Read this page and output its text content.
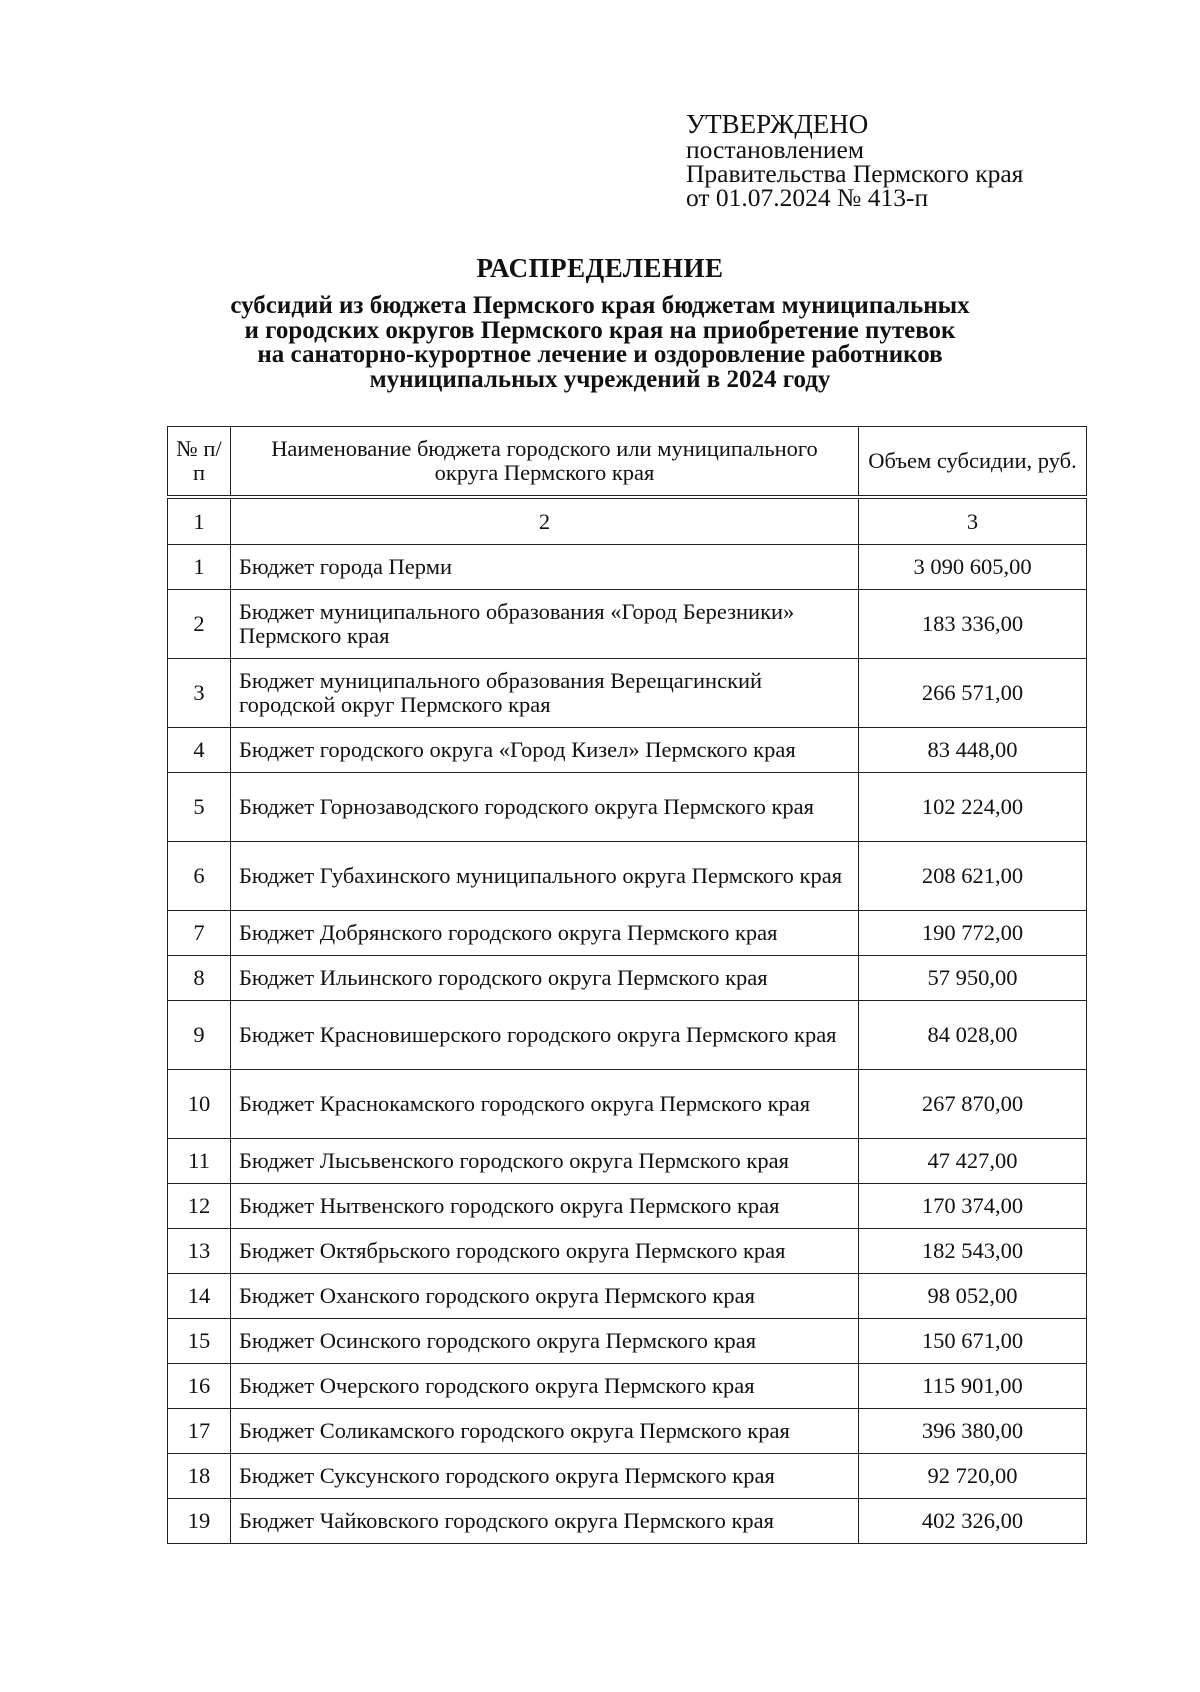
УТВЕРЖДЕНО
постановлением
Правительства Пермского края
от 01.07.2024 № 413-п
РАСПРЕДЕЛЕНИЕ
субсидий из бюджета Пермского края бюджетам муниципальных
и городских округов Пермского края на приобретение путевок
на санаторно-курортное лечение и оздоровление работников
муниципальных учреждений в 2024 году
№ п/п	Наименование бюджета городского или муниципального округа Пермского края	Объем субсидии, руб.
1	2	3
1	Бюджет города Перми	3 090 605,00
2	Бюджет муниципального образования «Город Березники» Пермского края	183 336,00
3	Бюджет муниципального образования Верещагинский городской округ Пермского края	266 571,00
4	Бюджет городского округа «Город Кизел» Пермского края	83 448,00
5	Бюджет Горнозаводского городского округа Пермского края	102 224,00
6	Бюджет Губахинского муниципального округа Пермского края	208 621,00
7	Бюджет Добрянского городского округа Пермского края	190 772,00
8	Бюджет Ильинского городского округа Пермского края	57 950,00
9	Бюджет Красновишерского городского округа Пермского края	84 028,00
10	Бюджет Краснокамского городского округа Пермского края	267 870,00
11	Бюджет Лысьвенского городского округа Пермского края	47 427,00
12	Бюджет Нытвенского городского округа Пермского края	170 374,00
13	Бюджет Октябрьского городского округа Пермского края	182 543,00
14	Бюджет Оханского городского округа Пермского края	98 052,00
15	Бюджет Осинского городского округа Пермского края	150 671,00
16	Бюджет Очерского городского округа Пермского края	115 901,00
17	Бюджет Соликамского городского округа Пермского края	396 380,00
18	Бюджет Суксунского городского округа Пермского края	92 720,00
19	Бюджет Чайковского городского округа Пермского края	402 326,00
